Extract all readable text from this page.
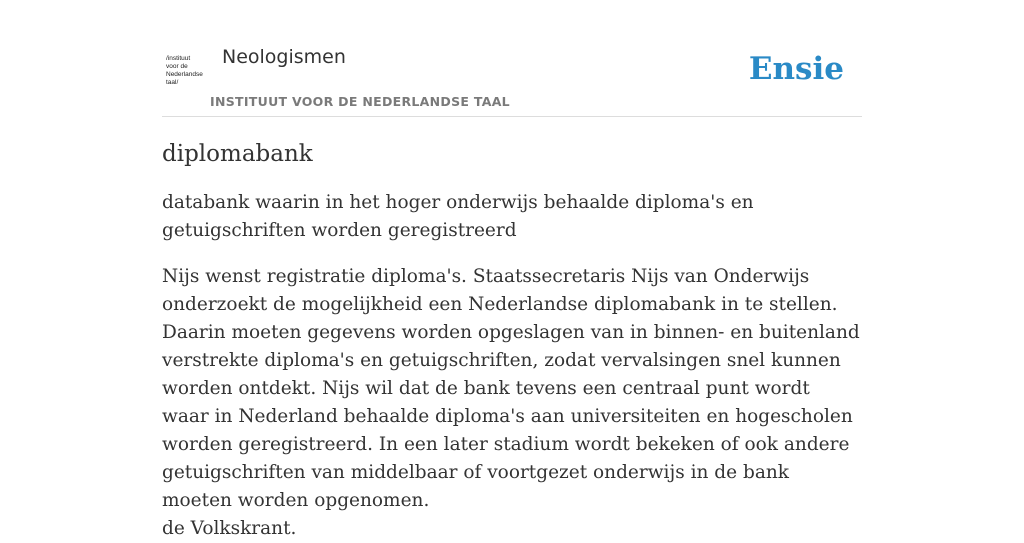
/instituut
voor de
Nederlandse
taal/
Neologismen
INSTITUUT VOOR DE NEDERLANDSE TAAL
Ensie
diplomabank

databank waarin in het hoger onderwijs behaalde diploma's en getuigschriften worden geregistreerd

Nijs wenst registratie diploma's. Staatssecretaris Nijs van Onderwijs onderzoekt de mogelijkheid een Nederlandse diplomabank in te stellen. Daarin moeten gegevens worden opgeslagen van in binnen- en buitenland verstrekte diploma's en getuigschriften, zodat vervalsingen snel kunnen worden ontdekt. Nijs wil dat de bank tevens een centraal punt wordt waar in Nederland behaalde diploma's aan universiteiten en hogescholen worden geregistreerd. In een later stadium wordt bekeken of ook andere getuigschriften van middelbaar of voortgezet onderwijs in de bank moeten worden opgenomen.
de Volkskrant.
